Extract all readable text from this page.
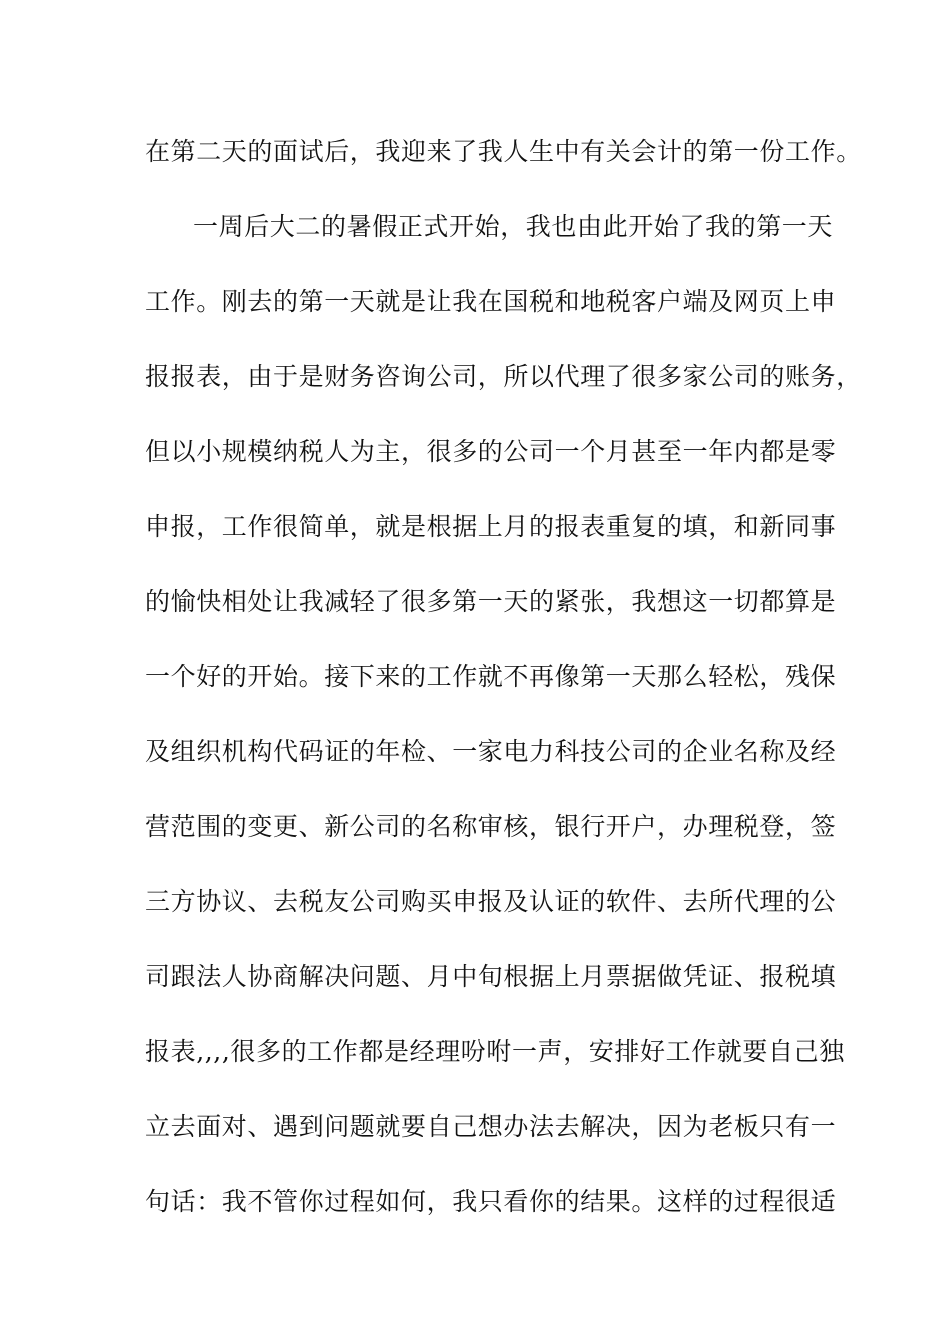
在第二天的面试后，我迎来了我人生中有关会计的第一份工作。
一周后大二的暑假正式开始，我也由此开始了我的第一天
工作。刚去的第一天就是让我在国税和地税客户端及网页上申
报报表，由于是财务咨询公司，所以代理了很多家公司的账务，
但以小规模纳税人为主，很多的公司一个月甚至一年内都是零
申报，工作很简单，就是根据上月的报表重复的填，和新同事
的愉快相处让我减轻了很多第一天的紧张，我想这一切都算是
一个好的开始。接下来的工作就不再像第一天那么轻松，残保
及组织机构代码证的年检、一家电力科技公司的企业名称及经
营范围的变更、新公司的名称审核，银行开户，办理税登，签
三方协议、去税友公司购买申报及认证的软件、去所代理的公
司跟法人协商解决问题、月中旬根据上月票据做凭证、报税填
报表,,,,很多的工作都是经理吩咐一声，安排好工作就要自己独
立去面对、遇到问题就要自己想办法去解决，因为老板只有一
句话：我不管你过程如何，我只看你的结果。这样的过程很适
